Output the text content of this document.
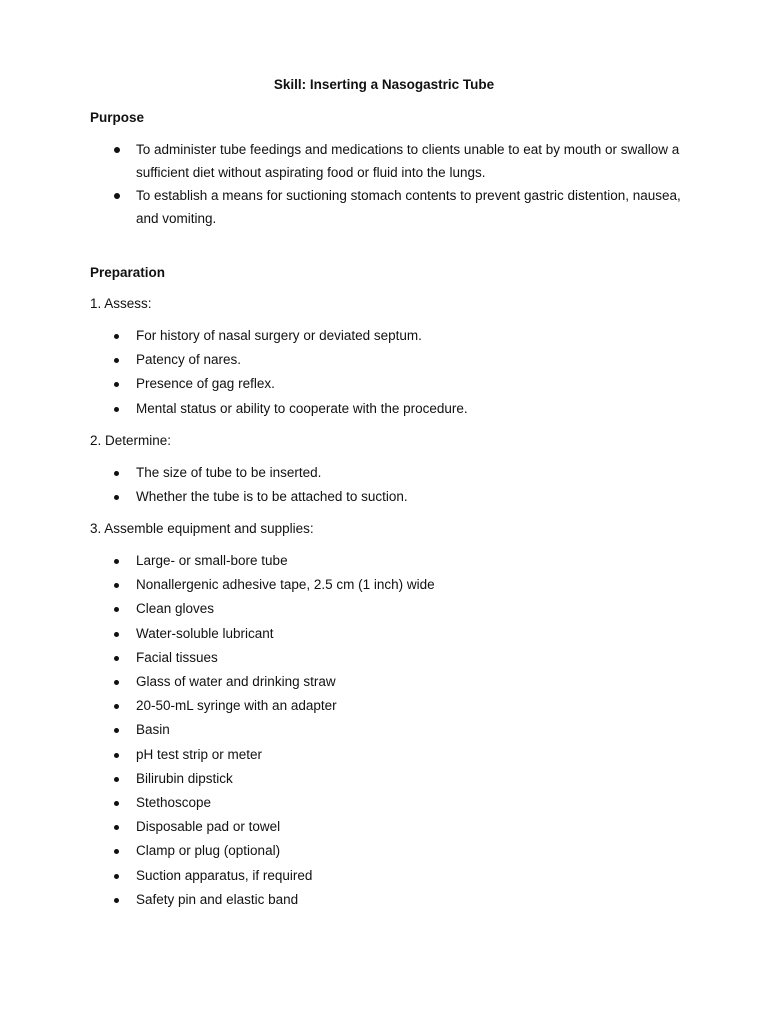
Skill: Inserting a Nasogastric Tube
Purpose
To administer tube feedings and medications to clients unable to eat by mouth or swallow a sufficient diet without aspirating food or fluid into the lungs.
To establish a means for suctioning stomach contents to prevent gastric distention, nausea, and vomiting.
Preparation
1. Assess:
For history of nasal surgery or deviated septum.
Patency of nares.
Presence of gag reflex.
Mental status or ability to cooperate with the procedure.
2. Determine:
The size of tube to be inserted.
Whether the tube is to be attached to suction.
3. Assemble equipment and supplies:
Large- or small-bore tube
Nonallergenic adhesive tape, 2.5 cm (1 inch) wide
Clean gloves
Water-soluble lubricant
Facial tissues
Glass of water and drinking straw
20-50-mL syringe with an adapter
Basin
pH test strip or meter
Bilirubin dipstick
Stethoscope
Disposable pad or towel
Clamp or plug (optional)
Suction apparatus, if required
Safety pin and elastic band
